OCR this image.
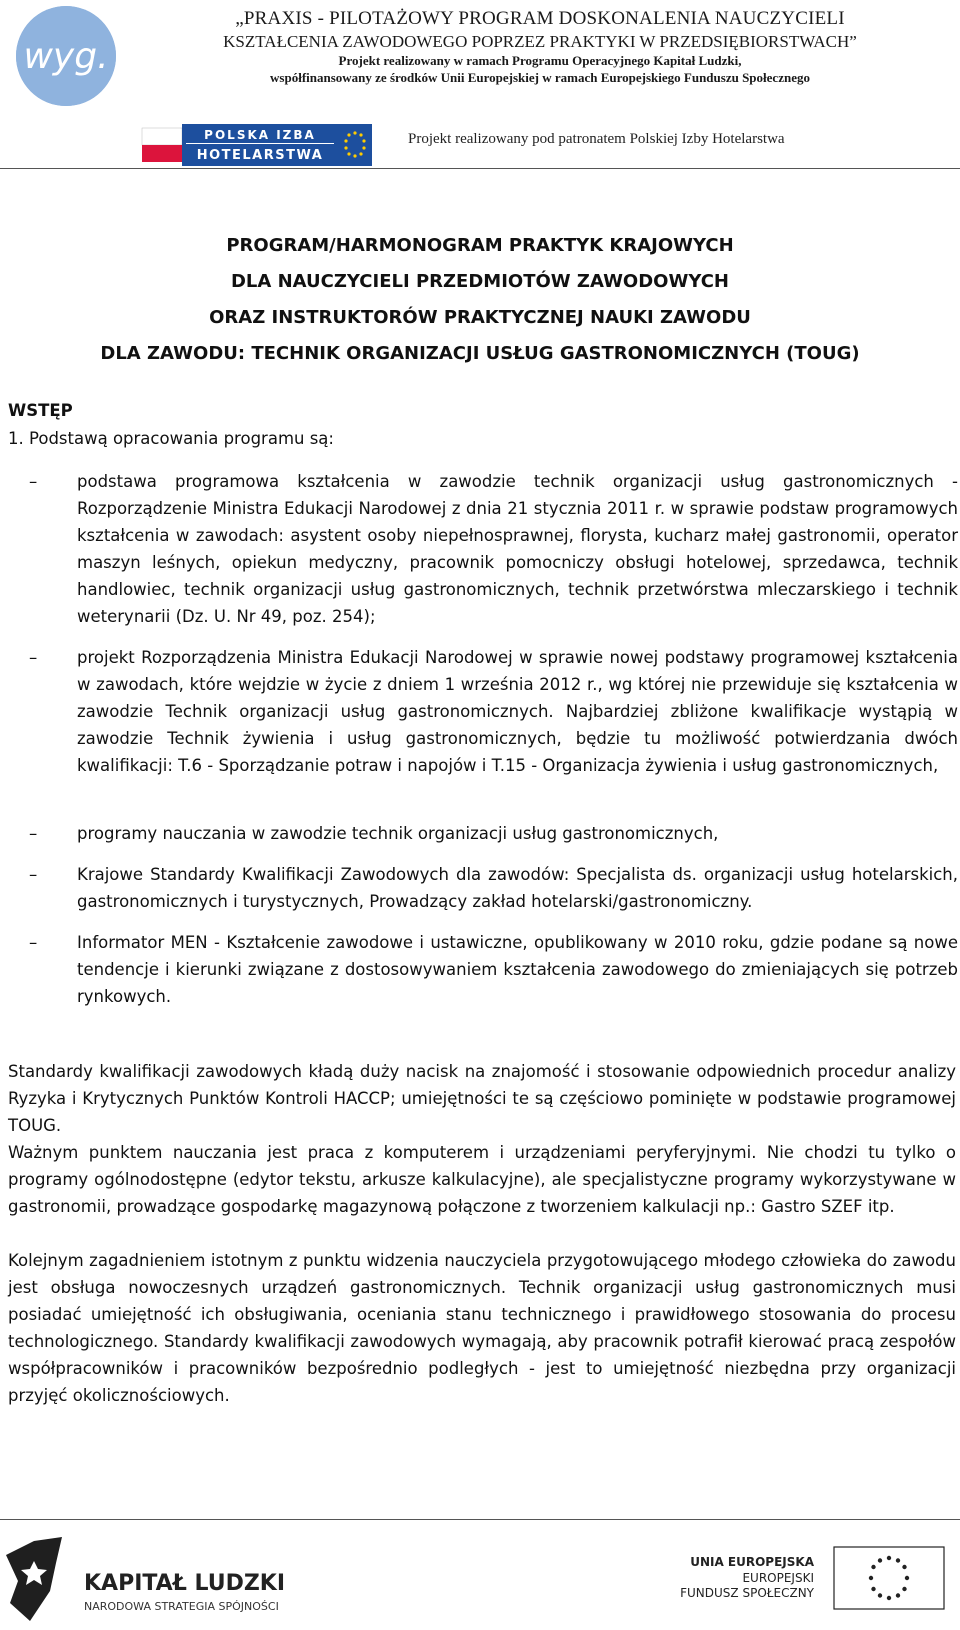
wyg.
„PRAXIS - PILOTAŻOWY PROGRAM DOSKONALENIA NAUCZYCIELI
KSZTAŁCENIA ZAWODOWEGO POPRZEZ PRAKTYKI W PRZEDSIĘBIORSTWACH”
Projekt realizowany w ramach Programu Operacyjnego Kapitał Ludzki,
współfinansowany ze środków Unii Europejskiej w ramach Europejskiego Funduszu Społecznego
POLSKA IZBA
HOTELARSTWA
Projekt realizowany pod patronatem Polskiej Izby Hotelarstwa
PROGRAM/HARMONOGRAM PRAKTYK KRAJOWYCH
DLA NAUCZYCIELI PRZEDMIOTÓW ZAWODOWYCH
ORAZ INSTRUKTORÓW PRAKTYCZNEJ NAUKI ZAWODU
DLA ZAWODU: TECHNIK ORGANIZACJI USŁUG GASTRONOMICZNYCH (TOUG)
WSTĘP
1. Podstawą opracowania programu są:
– podstawa programowa kształcenia w zawodzie technik organizacji usług gastronomicznych - Rozporządzenie Ministra Edukacji Narodowej z dnia 21 stycznia 2011 r. w sprawie podstaw programowych kształcenia w zawodach: asystent osoby niepełnosprawnej, florysta, kucharz małej gastronomii, operator maszyn leśnych, opiekun medyczny, pracownik pomocniczy obsługi hotelowej, sprzedawca, technik handlowiec, technik organizacji usług gastronomicznych, technik przetwórstwa mleczarskiego i technik weterynarii (Dz. U. Nr 49, poz. 254);
– projekt Rozporządzenia Ministra Edukacji Narodowej w sprawie nowej podstawy programowej kształcenia w zawodach, które wejdzie w życie z dniem 1 września 2012 r., wg której nie przewiduje się kształcenia w zawodzie Technik organizacji usług gastronomicznych. Najbardziej zbliżone kwalifikacje wystąpią w zawodzie Technik żywienia i usług gastronomicznych, będzie tu możliwość potwierdzania dwóch kwalifikacji: T.6 - Sporządzanie potraw i napojów i T.15 - Organizacja żywienia i usług gastronomicznych,
– programy nauczania w zawodzie technik organizacji usług gastronomicznych,
– Krajowe Standardy Kwalifikacji Zawodowych dla zawodów: Specjalista ds. organizacji usług hotelarskich, gastronomicznych i turystycznych, Prowadzący zakład hotelarski/gastronomiczny.
– Informator MEN - Kształcenie zawodowe i ustawiczne, opublikowany w 2010 roku, gdzie podane są nowe tendencje i kierunki związane z dostosowywaniem kształcenia zawodowego do zmieniających się potrzeb rynkowych.

Standardy kwalifikacji zawodowych kładą duży nacisk na znajomość i stosowanie odpowiednich procedur analizy Ryzyka i Krytycznych Punktów Kontroli HACCP; umiejętności te są częściowo pominięte w podstawie programowej TOUG.

Ważnym punktem nauczania jest praca z komputerem i urządzeniami peryferyjnymi. Nie chodzi tu tylko o programy ogólnodostępne (edytor tekstu, arkusze kalkulacyjne), ale specjalistyczne programy wykorzystywane w gastronomii, prowadzące gospodarkę magazynową połączone z tworzeniem kalkulacji np.: Gastro SZEF itp.

Kolejnym zagadnieniem istotnym z punktu widzenia nauczyciela przygotowującego młodego człowieka do zawodu jest obsługa nowoczesnych urządzeń gastronomicznych. Technik organizacji usług gastronomicznych musi posiadać umiejętność ich obsługiwania, oceniania stanu technicznego i prawidłowego stosowania do procesu technologicznego. Standardy kwalifikacji zawodowych wymagają, aby pracownik potrafił kierować pracą zespołów współpracowników i pracowników bezpośrednio podległych - jest to umiejętność niezbędna przy organizacji przyjęć okolicznościowych.

KAPITAŁ LUDZKI
NARODOWA STRATEGIA SPÓJNOŚCI
UNIA EUROPEJSKA
EUROPEJSKI
FUNDUSZ SPOŁECZNY
